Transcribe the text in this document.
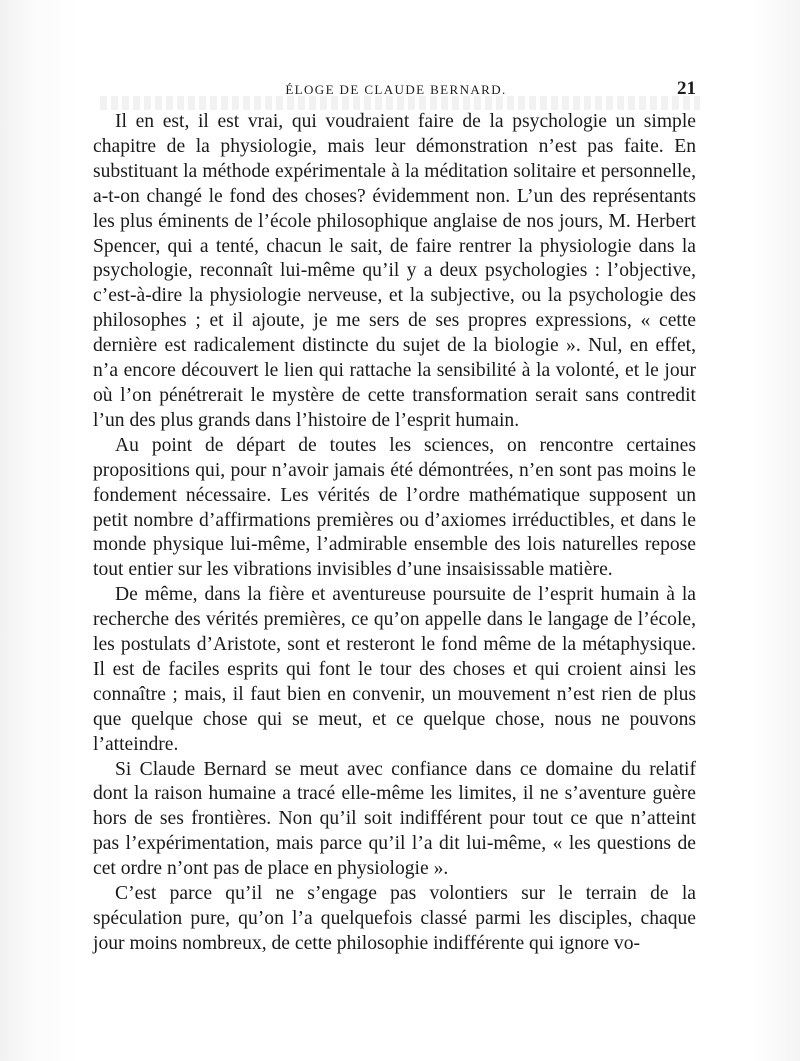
ÉLOGE DE CLAUDE BERNARD.	21

Il en est, il est vrai, qui voudraient faire de la psychologie un simple chapitre de la physiologie, mais leur démonstration n’est pas faite. En substituant la méthode expérimentale à la méditation solitaire et personnelle, a-t-on changé le fond des choses? évidemment non. L’un des représentants les plus éminents de l’école philosophique anglaise de nos jours, M. Herbert Spencer, qui a tenté, chacun le sait, de faire rentrer la physiologie dans la psychologie, reconnaît lui-même qu’il y a deux psychologies : l’objective, c’est-à-dire la physiologie nerveuse, et la subjective, ou la psychologie des philosophes ; et il ajoute, je me sers de ses propres expressions, « cette dernière est radicalement distincte du sujet de la biologie ». Nul, en effet, n’a encore découvert le lien qui rattache la sensibilité à la volonté, et le jour où l’on pénétrerait le mystère de cette transformation serait sans contredit l’un des plus grands dans l’histoire de l’esprit humain.

Au point de départ de toutes les sciences, on rencontre certaines propositions qui, pour n’avoir jamais été démontrées, n’en sont pas moins le fondement nécessaire. Les vérités de l’ordre mathématique supposent un petit nombre d’affirmations premières ou d’axiomes irréductibles, et dans le monde physique lui-même, l’admirable ensemble des lois naturelles repose tout entier sur les vibrations invisibles d’une insaisissable matière.

De même, dans la fière et aventureuse poursuite de l’esprit humain à la recherche des vérités premières, ce qu’on appelle dans le langage de l’école, les postulats d’Aristote, sont et resteront le fond même de la métaphysique. Il est de faciles esprits qui font le tour des choses et qui croient ainsi les connaître ; mais, il faut bien en convenir, un mouvement n’est rien de plus que quelque chose qui se meut, et ce quelque chose, nous ne pouvons l’atteindre.

Si Claude Bernard se meut avec confiance dans ce domaine du relatif dont la raison humaine a tracé elle-même les limites, il ne s’aventure guère hors de ses frontières. Non qu’il soit indifférent pour tout ce que n’atteint pas l’expérimentation, mais parce qu’il l’a dit lui-même, « les questions de cet ordre n’ont pas de place en physiologie ».

C’est parce qu’il ne s’engage pas volontiers sur le terrain de la spéculation pure, qu’on l’a quelquefois classé parmi les disciples, chaque jour moins nombreux, de cette philosophie indifférente qui ignore vo-
